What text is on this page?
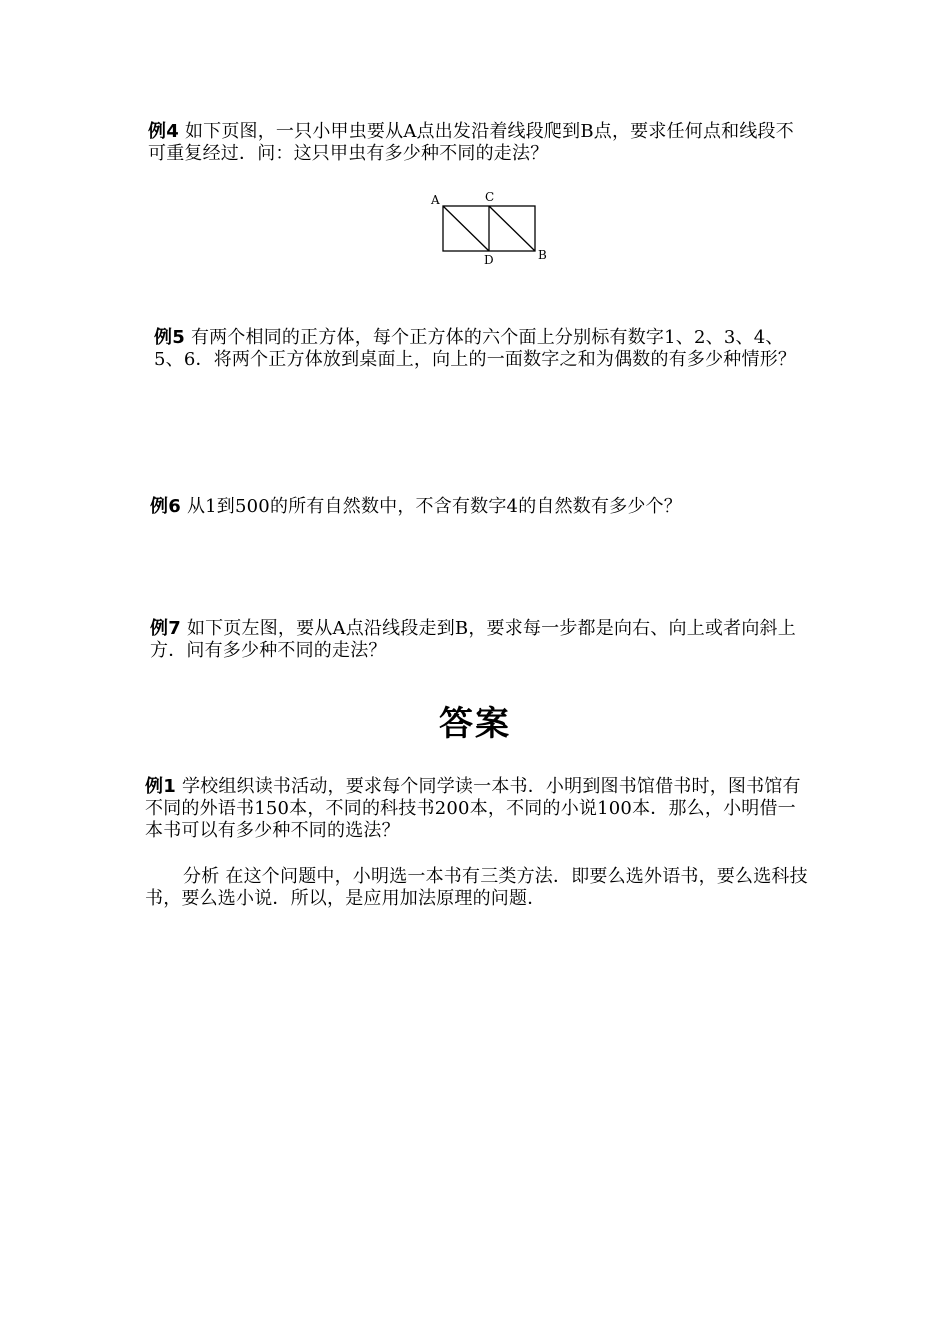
例4 如下页图，一只小甲虫要从A点出发沿着线段爬到B点，要求任何点和线段不可重复经过．问：这只甲虫有多少种不同的走法？

A	C
D	B

例5 有两个相同的正方体，每个正方体的六个面上分别标有数字1、2、3、4、5、6．将两个正方体放到桌面上，向上的一面数字之和为偶数的有多少种情形？

例6 从1到500的所有自然数中，不含有数字4的自然数有多少个？

例7 如下页左图，要从A点沿线段走到B，要求每一步都是向右、向上或者向斜上方．问有多少种不同的走法？

答案

例1 学校组织读书活动，要求每个同学读一本书．小明到图书馆借书时，图书馆有不同的外语书150本，不同的科技书200本，不同的小说100本．那么，小明借一本书可以有多少种不同的选法？

分析 在这个问题中，小明选一本书有三类方法．即要么选外语书，要么选科技书，要么选小说．所以，是应用加法原理的问题．
